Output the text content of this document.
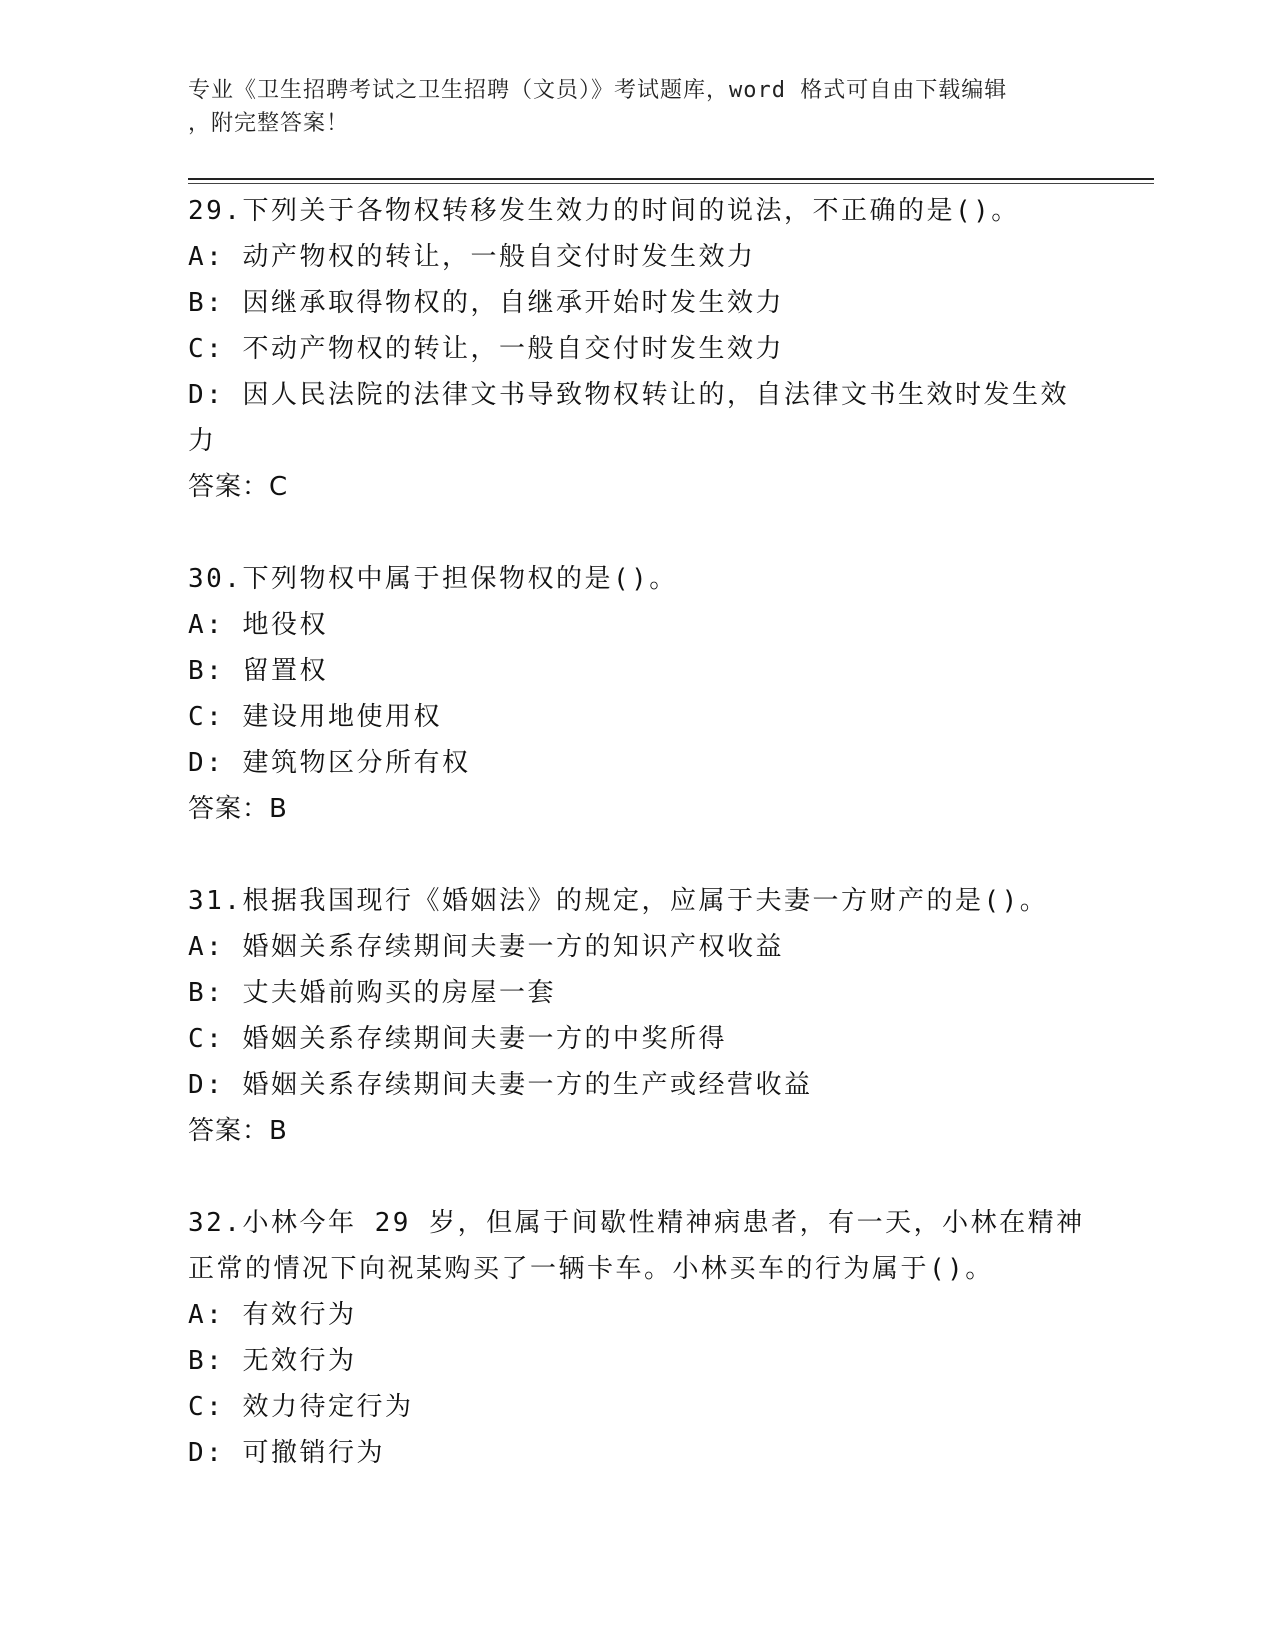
专业《卫生招聘考试之卫生招聘（文员）》考试题库，word 格式可自由下载编辑
，附完整答案！
29.下列关于各物权转移发生效力的时间的说法，不正确的是()。
A: 动产物权的转让，一般自交付时发生效力
B: 因继承取得物权的，自继承开始时发生效力
C: 不动产物权的转让，一般自交付时发生效力
D: 因人民法院的法律文书导致物权转让的，自法律文书生效时发生效
力
答案：C
30.下列物权中属于担保物权的是()。
A: 地役权
B: 留置权
C: 建设用地使用权
D: 建筑物区分所有权
答案：B
31.根据我国现行《婚姻法》的规定，应属于夫妻一方财产的是()。
A: 婚姻关系存续期间夫妻一方的知识产权收益
B: 丈夫婚前购买的房屋一套
C: 婚姻关系存续期间夫妻一方的中奖所得
D: 婚姻关系存续期间夫妻一方的生产或经营收益
答案：B
32.小林今年 29 岁，但属于间歇性精神病患者，有一天，小林在精神
正常的情况下向祝某购买了一辆卡车。小林买车的行为属于()。
A: 有效行为
B: 无效行为
C: 效力待定行为
D: 可撤销行为
